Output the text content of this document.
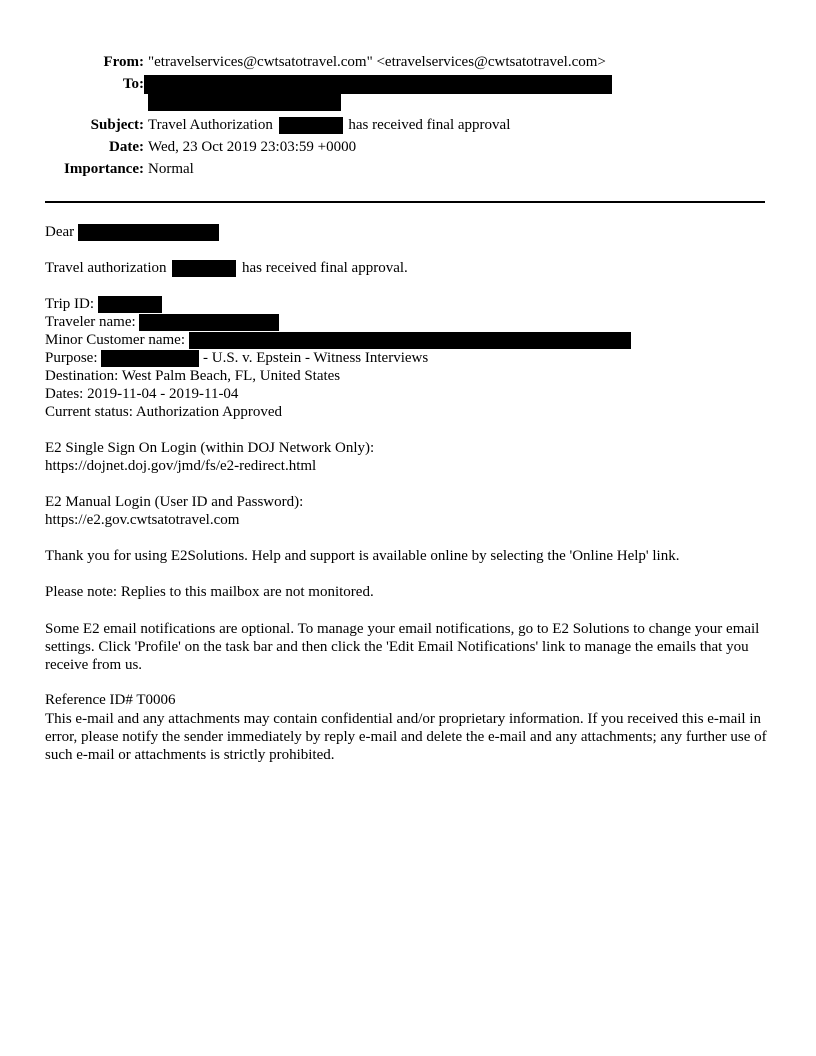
From: "etravelservices@cwtsatotravel.com" <etravelservices@cwtsatotravel.com>
To:
Subject: Travel Authorization	has received final approval
Date: Wed, 23 Oct 2019 23:03:59 +0000
Importance: Normal
Dear
Travel authorization	has received final approval.
Trip ID:
Traveler name:
Minor Customer name:
Purpose:	- U.S. v. Epstein - Witness Interviews
Destination: West Palm Beach, FL, United States
Dates: 2019-11-04 - 2019-11-04
Current status: Authorization Approved
E2 Single Sign On Login (within DOJ Network Only):
https://dojnet.doj.gov/jmd/fs/e2-redirect.html
E2 Manual Login (User ID and Password):
https://e2.gov.cwtsatotravel.com
Thank you for using E2Solutions. Help and support is available online by selecting the 'Online Help' link.
Please note: Replies to this mailbox are not monitored.
Some E2 email notifications are optional. To manage your email notifications, go to E2 Solutions to change your email settings. Click 'Profile' on the task bar and then click the 'Edit Email Notifications' link to manage the emails that you receive from us.
Reference ID# T0006
This e-mail and any attachments may contain confidential and/or proprietary information. If you received this e-mail in error, please notify the sender immediately by reply e-mail and delete the e-mail and any attachments; any further use of such e-mail or attachments is strictly prohibited.
